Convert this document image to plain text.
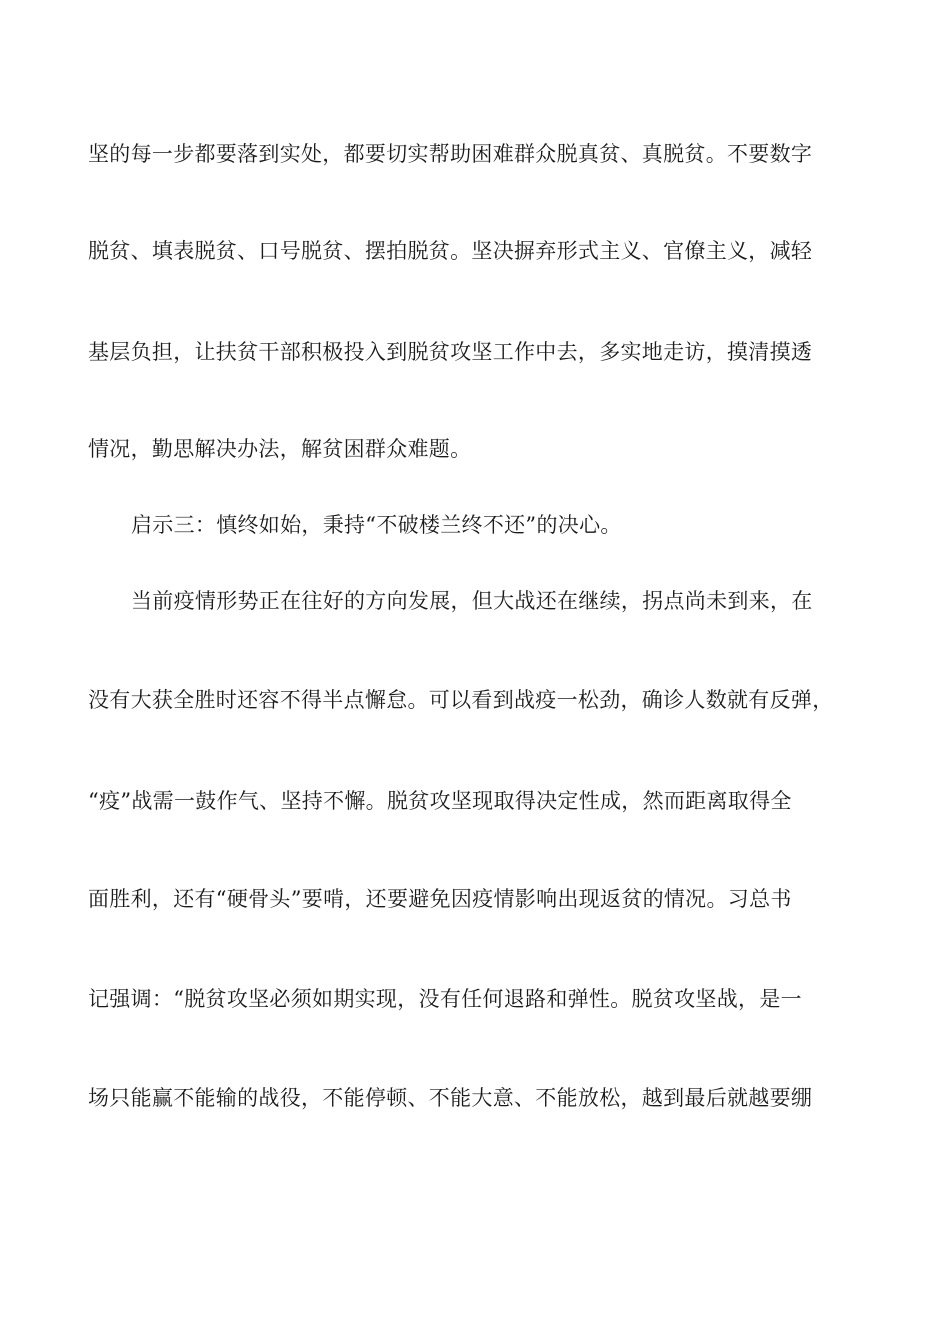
坚的每一步都要落到实处，都要切实帮助困难群众脱真贫、真脱贫。不要数字
脱贫、填表脱贫、口号脱贫、摆拍脱贫。坚决摒弃形式主义、官僚主义，减轻
基层负担，让扶贫干部积极投入到脱贫攻坚工作中去，多实地走访，摸清摸透
情况，勤思解决办法，解贫困群众难题。
启示三：慎终如始，秉持“不破楼兰终不还”的决心。
当前疫情形势正在往好的方向发展，但大战还在继续，拐点尚未到来，在
没有大获全胜时还容不得半点懈怠。可以看到战疫一松劲，确诊人数就有反弹，
“疫”战需一鼓作气、坚持不懈。脱贫攻坚现取得决定性成，然而距离取得全
面胜利，还有“硬骨头”要啃，还要避免因疫情影响出现返贫的情况。习总书
记强调：“脱贫攻坚必须如期实现，没有任何退路和弹性。脱贫攻坚战，是一
场只能赢不能输的战役，不能停顿、不能大意、不能放松，越到最后就越要绷
